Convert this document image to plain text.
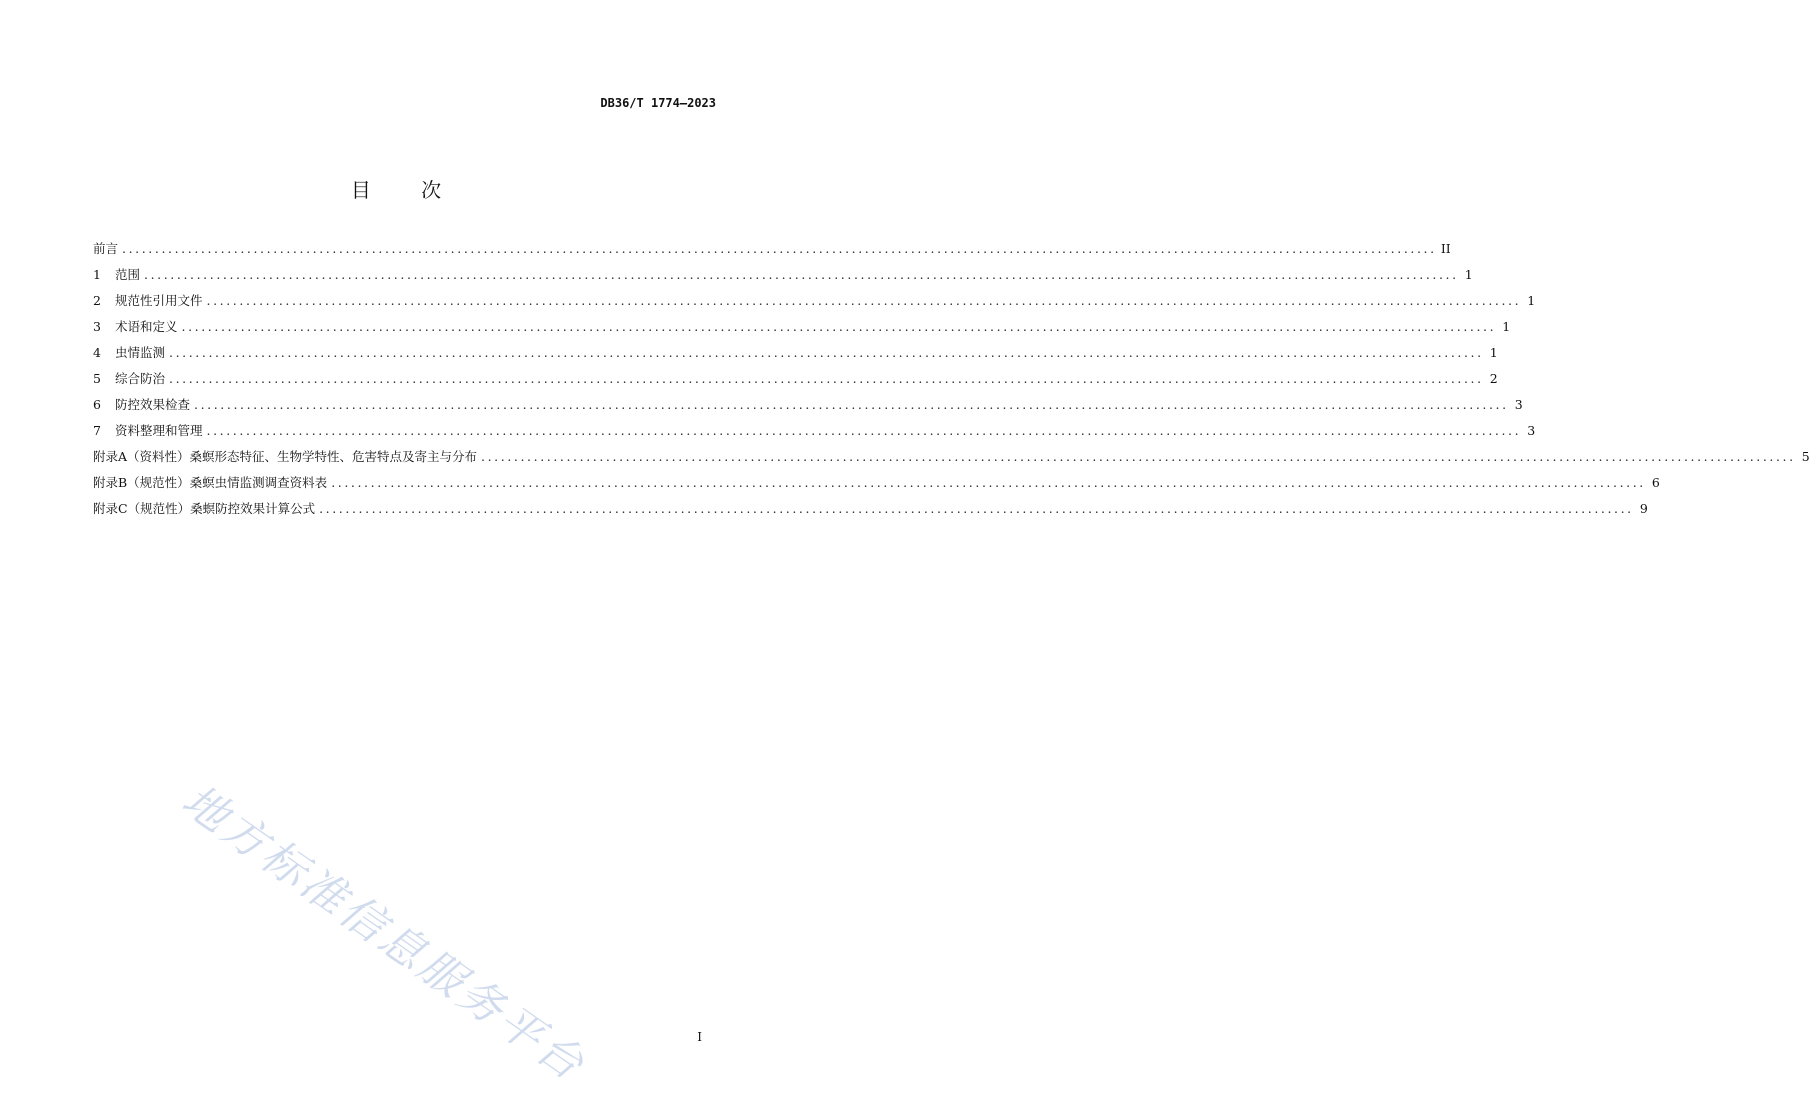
DB36/T 1774—2023
目 次
前言 ........................................................................................................................................................................................................ II
1	范围 ........................................................................................................................................................................................................ 1
2	规范性引用文件 ........................................................................................................................................................................................................ 1
3	术语和定义 ........................................................................................................................................................................................................ 1
4	虫情监测 ........................................................................................................................................................................................................ 1
5	综合防治 ........................................................................................................................................................................................................ 2
6	防控效果检查 ........................................................................................................................................................................................................ 3
7	资料整理和管理 ........................................................................................................................................................................................................ 3
附录A（资料性）桑螟形态特征、生物学特性、危害特点及寄主与分布 ........................................................................................................................................................................................................ 5
附录B（规范性）桑螟虫情监测调查资料表 ........................................................................................................................................................................................................ 6
附录C（规范性）桑螟防控效果计算公式 ........................................................................................................................................................................................................ 9
地方标准信息服务平台	I
